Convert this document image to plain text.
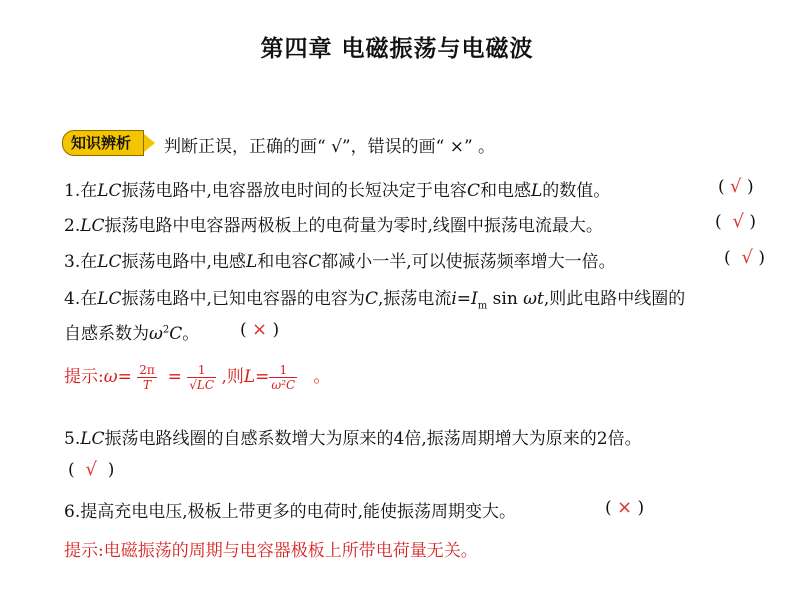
第四章 电磁振荡与电磁波
知识辨析	判断正误，正确的画“ √”，错误的画“ ×” 。
1.在LC振荡电路中,电容器放电时间的长短决定于电容C和电感L的数值。	( √ )
2.LC振荡电路中电容器两极板上的电荷量为零时,线圈中振荡电流最大。	( √ )
3.在LC振荡电路中,电感L和电容C都减小一半,可以使振荡频率增大一倍。	( √ )
4.在LC振荡电路中,已知电容器的电容为C,振荡电流$i=I_m$ sin ωt,则此电路中线圈的
自感系数为$\omega^2C$。 ( × )
提示:ω= $\frac{2\pi}{T} = \frac{1}{√LC}$ ,则$L= \frac{1}{\text{ω²C}}$ 。
5.LC振荡电路线圈的自感系数增大为原来的4倍,振荡周期增大为原来的2倍。
( √ )
6.提高充电电压,极板上带更多的电荷时,能使振荡周期变大。	( × )
提示:电磁振荡的周期与电容器极板上所带电荷量无关。
